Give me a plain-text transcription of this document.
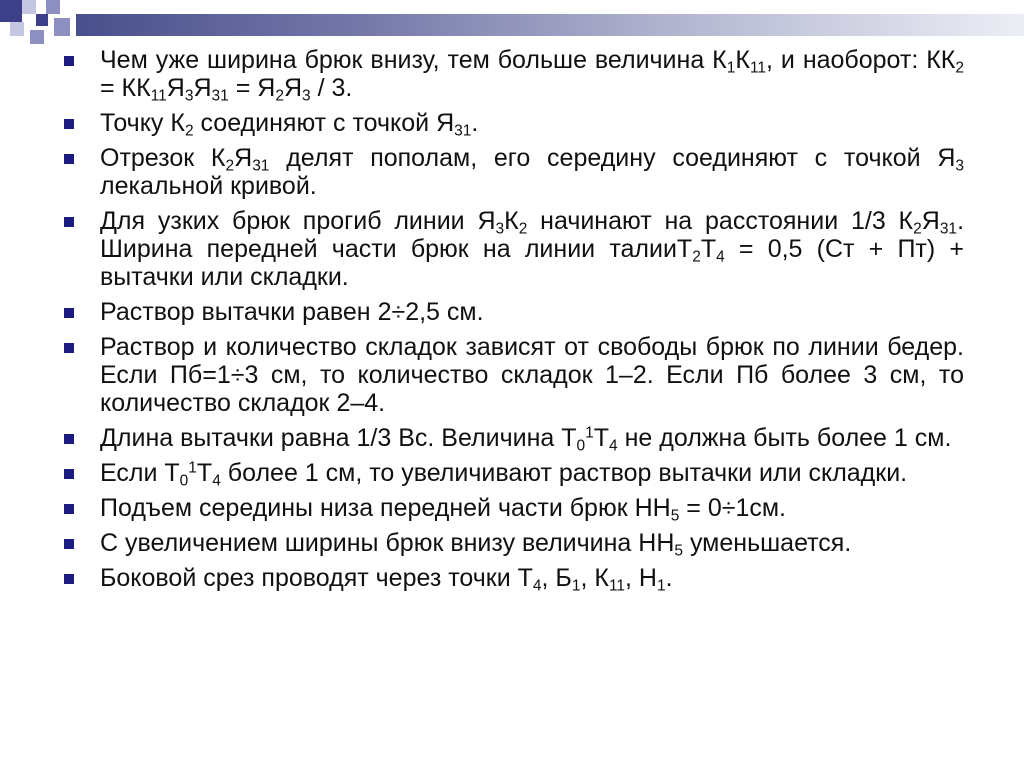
Чем уже ширина брюк внизу, тем больше величина $К_1К_{11}$, и наоборот: $КК_2 = КК_{11}Я_3Я_{31} = Я_2Я_3 / 3$.
Точку $К_2$ соединяют с точкой $Я_{31}$.
Отрезок $К_2Я_{31}$ делят пополам, его середину соединяют с точкой $Я_3$ лекальной кривой.
Для узких брюк прогиб линии $Я_3К_2$ начинают на расстоянии 1/3 $К_2Я_{31}$. Ширина передней части брюк на линии $талииТ_2Т_4 = 0,5$ (Ст + Пт) + вытачки или складки.
Раствор вытачки равен 2÷2,5 см.
Раствор и количество складок зависят от свободы брюк по линии бедер. Если Пб=1÷3 см, то количество складок 1–2. Если Пб более 3 см, то количество складок 2–4.
Длина вытачки равна 1/3 Вс. Величина $Т_0^1Т_4$ не должна быть более 1 см.
Если $Т_0^1Т_4$ более 1 см, то увеличивают раствор вытачки или складки.
Подъем середины низа передней части брюк $НН_5 = 0\div 1см$.
С увеличением ширины брюк внизу величина $НН_5$ уменьшается.
Боковой срез проводят через точки $Т_4$, $Б_1$, $К_{11}$, $Н_1$.
